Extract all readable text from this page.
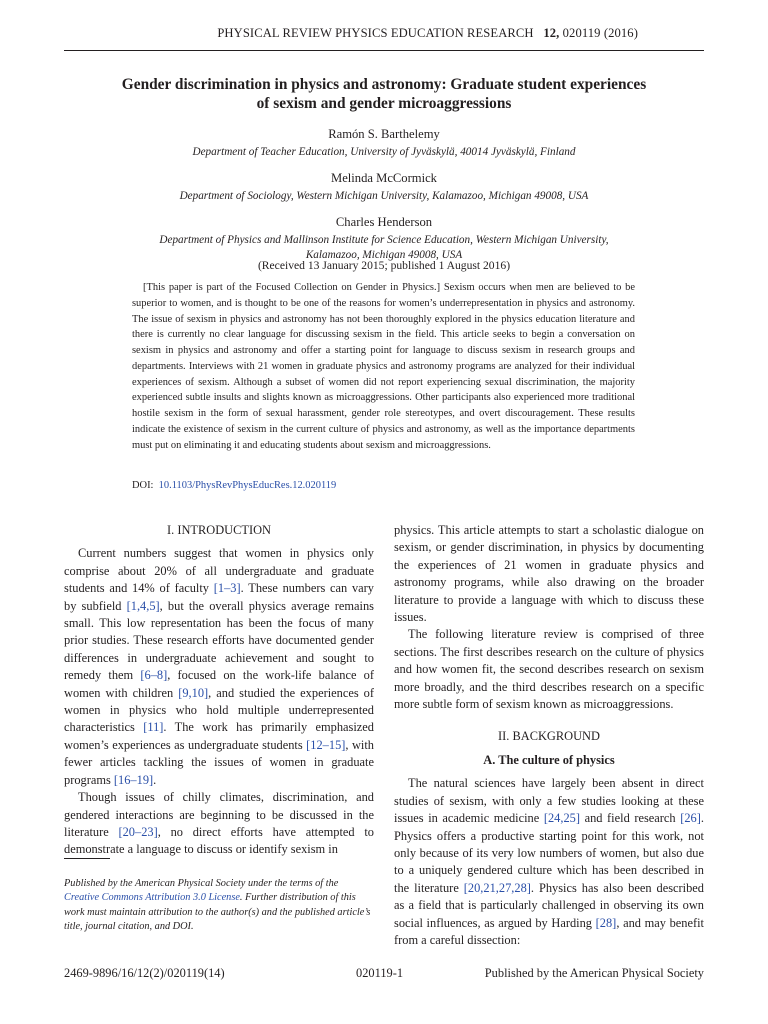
PHYSICAL REVIEW PHYSICS EDUCATION RESEARCH 12, 020119 (2016)
Gender discrimination in physics and astronomy: Graduate student experiences
of sexism and gender microaggressions
Ramón S. Barthelemy
Department of Teacher Education, University of Jyväskylä, 40014 Jyväskylä, Finland
Melinda McCormick
Department of Sociology, Western Michigan University, Kalamazoo, Michigan 49008, USA
Charles Henderson
Department of Physics and Mallinson Institute for Science Education, Western Michigan University,
Kalamazoo, Michigan 49008, USA
(Received 13 January 2015; published 1 August 2016)

[This paper is part of the Focused Collection on Gender in Physics.] Sexism occurs when men are believed to be superior to women, and is thought to be one of the reasons for women’s underrepresentation in physics and astronomy. The issue of sexism in physics and astronomy has not been thoroughly explored in the physics education literature and there is currently no clear language for discussing sexism in the field. This article seeks to begin a conversation on sexism in physics and astronomy and offer a starting point for language to discuss sexism in research groups and departments. Interviews with 21 women in graduate physics and astronomy programs are analyzed for their individual experiences of sexism. Although a subset of women did not report experiencing sexual discrimination, the majority experienced subtle insults and slights known as microaggressions. Other participants also experienced more traditional hostile sexism in the form of sexual harassment, gender role stereotypes, and overt discouragement. These results indicate the existence of sexism in the current culture of physics and astronomy, as well as the importance departments must put on eliminating it and educating students about sexism and microaggressions.

DOI: 10.1103/PhysRevPhysEducRes.12.020119
I. INTRODUCTION

Current numbers suggest that women in physics only comprise about 20% of all undergraduate and graduate students and 14% of faculty [1–3]. These numbers can vary by subfield [1,4,5], but the overall physics average remains small. This low representation has been the focus of many prior studies. These research efforts have documented gender differences in undergraduate achievement and sought to remedy them [6–8], focused on the work-life balance of women with children [9,10], and studied the experiences of women in physics who hold multiple underrepresented characteristics [11]. The work has primarily emphasized women’s experiences as undergraduate students [12–15], with fewer articles tackling the issues of women in graduate programs [16–19].

Though issues of chilly climates, discrimination, and gendered interactions are beginning to be discussed in the literature [20–23], no direct efforts have attempted to demonstrate a language to discuss or identify sexism in

Published by the American Physical Society under the terms of the Creative Commons Attribution 3.0 License. Further distribution of this work must maintain attribution to the author(s) and the published article’s title, journal citation, and DOI.

physics. This article attempts to start a scholastic dialogue on sexism, or gender discrimination, in physics by documenting the experiences of 21 women in graduate physics and astronomy programs, while also drawing on the broader literature to provide a language with which to discuss these issues.

The following literature review is comprised of three sections. The first describes research on the culture of physics and how women fit, the second describes research on sexism more broadly, and the third describes research on a specific more subtle form of sexism known as microaggressions.

II. BACKGROUND
A. The culture of physics

The natural sciences have largely been absent in direct studies of sexism, with only a few studies looking at these issues in academic medicine [24,25] and field research [26]. Physics offers a productive starting point for this work, not only because of its very low numbers of women, but also due to a uniquely gendered culture which has been described in the literature [20,21,27,28]. Physics has also been described as a field that is particularly challenged in observing its own social influences, as argued by Harding [28], and may benefit from a careful dissection:

2469-9896/16/12(2)/020119(14)	020119-1	Published by the American Physical Society
